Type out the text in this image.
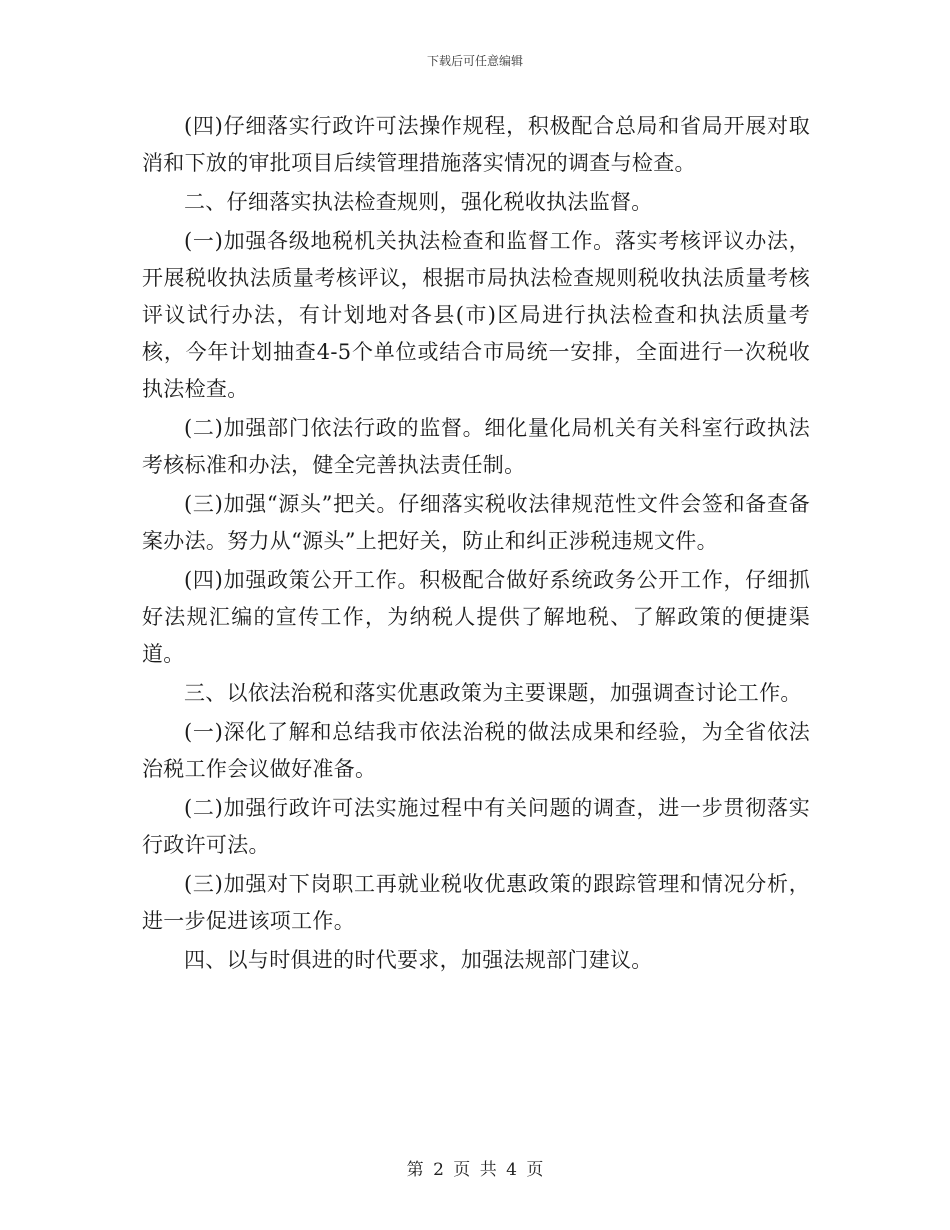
下载后可任意编辑

(四)仔细落实行政许可法操作规程，积极配合总局和省局开展对取消和下放的审批项目后续管理措施落实情况的调查与检查。

二、仔细落实执法检查规则，强化税收执法监督。

(一)加强各级地税机关执法检查和监督工作。落实考核评议办法，开展税收执法质量考核评议，根据市局执法检查规则税收执法质量考核评议试行办法，有计划地对各县(市)区局进行执法检查和执法质量考核，今年计划抽查4-5个单位或结合市局统一安排，全面进行一次税收执法检查。

(二)加强部门依法行政的监督。细化量化局机关有关科室行政执法考核标准和办法，健全完善执法责任制。

(三)加强“源头”把关。仔细落实税收法律规范性文件会签和备查备案办法。努力从“源头”上把好关，防止和纠正涉税违规文件。

(四)加强政策公开工作。积极配合做好系统政务公开工作，仔细抓好法规汇编的宣传工作，为纳税人提供了解地税、了解政策的便捷渠道。

三、以依法治税和落实优惠政策为主要课题，加强调查讨论工作。

(一)深化了解和总结我市依法治税的做法成果和经验，为全省依法治税工作会议做好准备。

(二)加强行政许可法实施过程中有关问题的调查，进一步贯彻落实行政许可法。

(三)加强对下岗职工再就业税收优惠政策的跟踪管理和情况分析，进一步促进该项工作。

四、以与时俱进的时代要求，加强法规部门建议。

第 2 页 共 4 页
